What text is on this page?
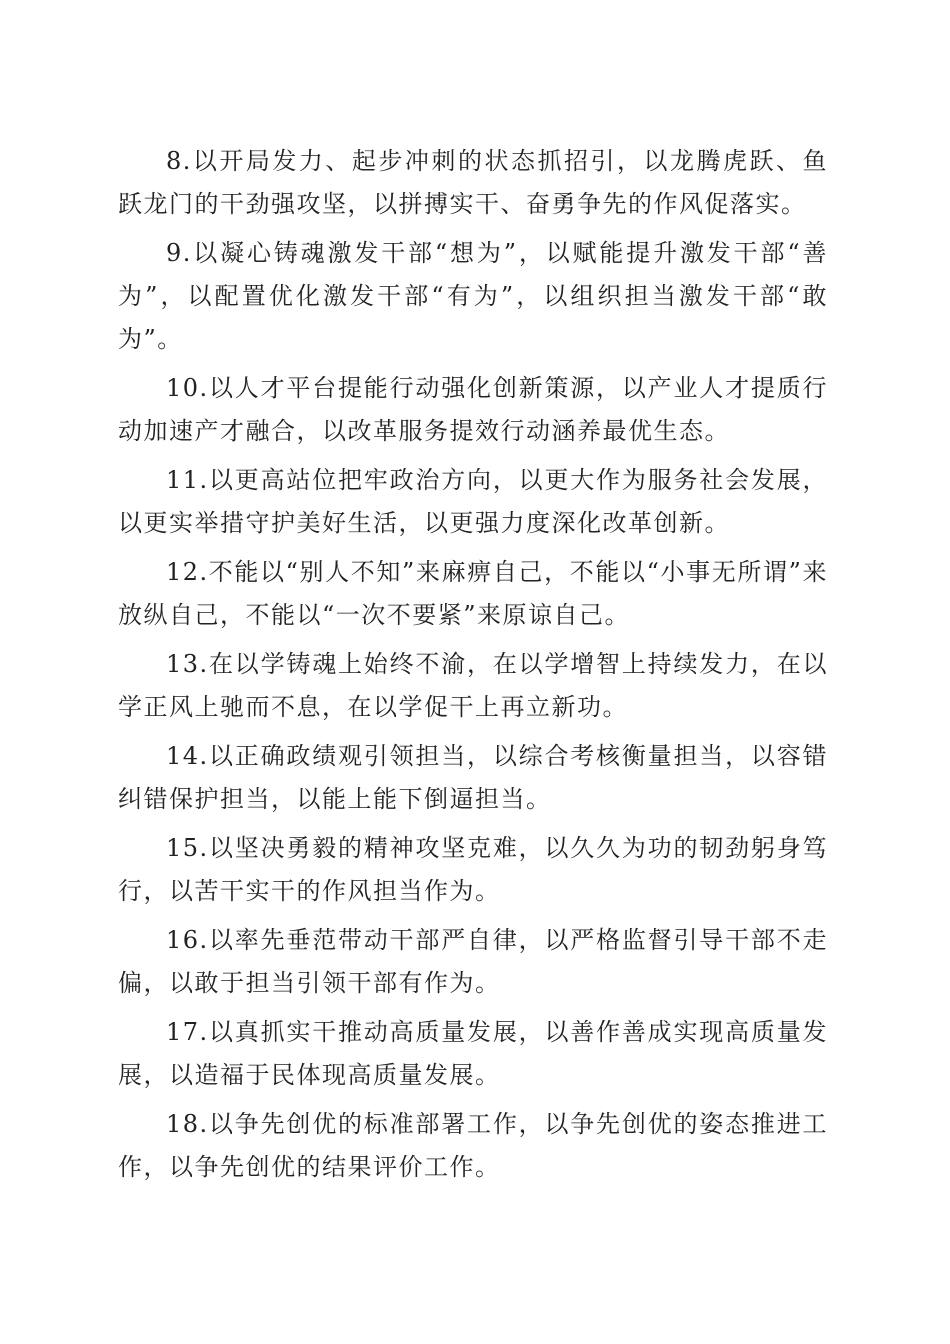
8.以开局发力、起步冲刺的状态抓招引，以龙腾虎跃、鱼跃龙门的干劲强攻坚，以拼搏实干、奋勇争先的作风促落实。

9.以凝心铸魂激发干部“想为”，以赋能提升激发干部“善为”，以配置优化激发干部“有为”，以组织担当激发干部“敢为”。

10.以人才平台提能行动强化创新策源，以产业人才提质行动加速产才融合，以改革服务提效行动涵养最优生态。

11.以更高站位把牢政治方向，以更大作为服务社会发展，以更实举措守护美好生活，以更强力度深化改革创新。

12.不能以“别人不知”来麻痹自己，不能以“小事无所谓”来放纵自己，不能以“一次不要紧”来原谅自己。

13.在以学铸魂上始终不渝，在以学增智上持续发力，在以学正风上驰而不息，在以学促干上再立新功。

14.以正确政绩观引领担当，以综合考核衡量担当，以容错纠错保护担当，以能上能下倒逼担当。

15.以坚决勇毅的精神攻坚克难，以久久为功的韧劲躬身笃行，以苦干实干的作风担当作为。

16.以率先垂范带动干部严自律，以严格监督引导干部不走偏，以敢于担当引领干部有作为。

17.以真抓实干推动高质量发展，以善作善成实现高质量发展，以造福于民体现高质量发展。

18.以争先创优的标准部署工作，以争先创优的姿态推进工作，以争先创优的结果评价工作。
